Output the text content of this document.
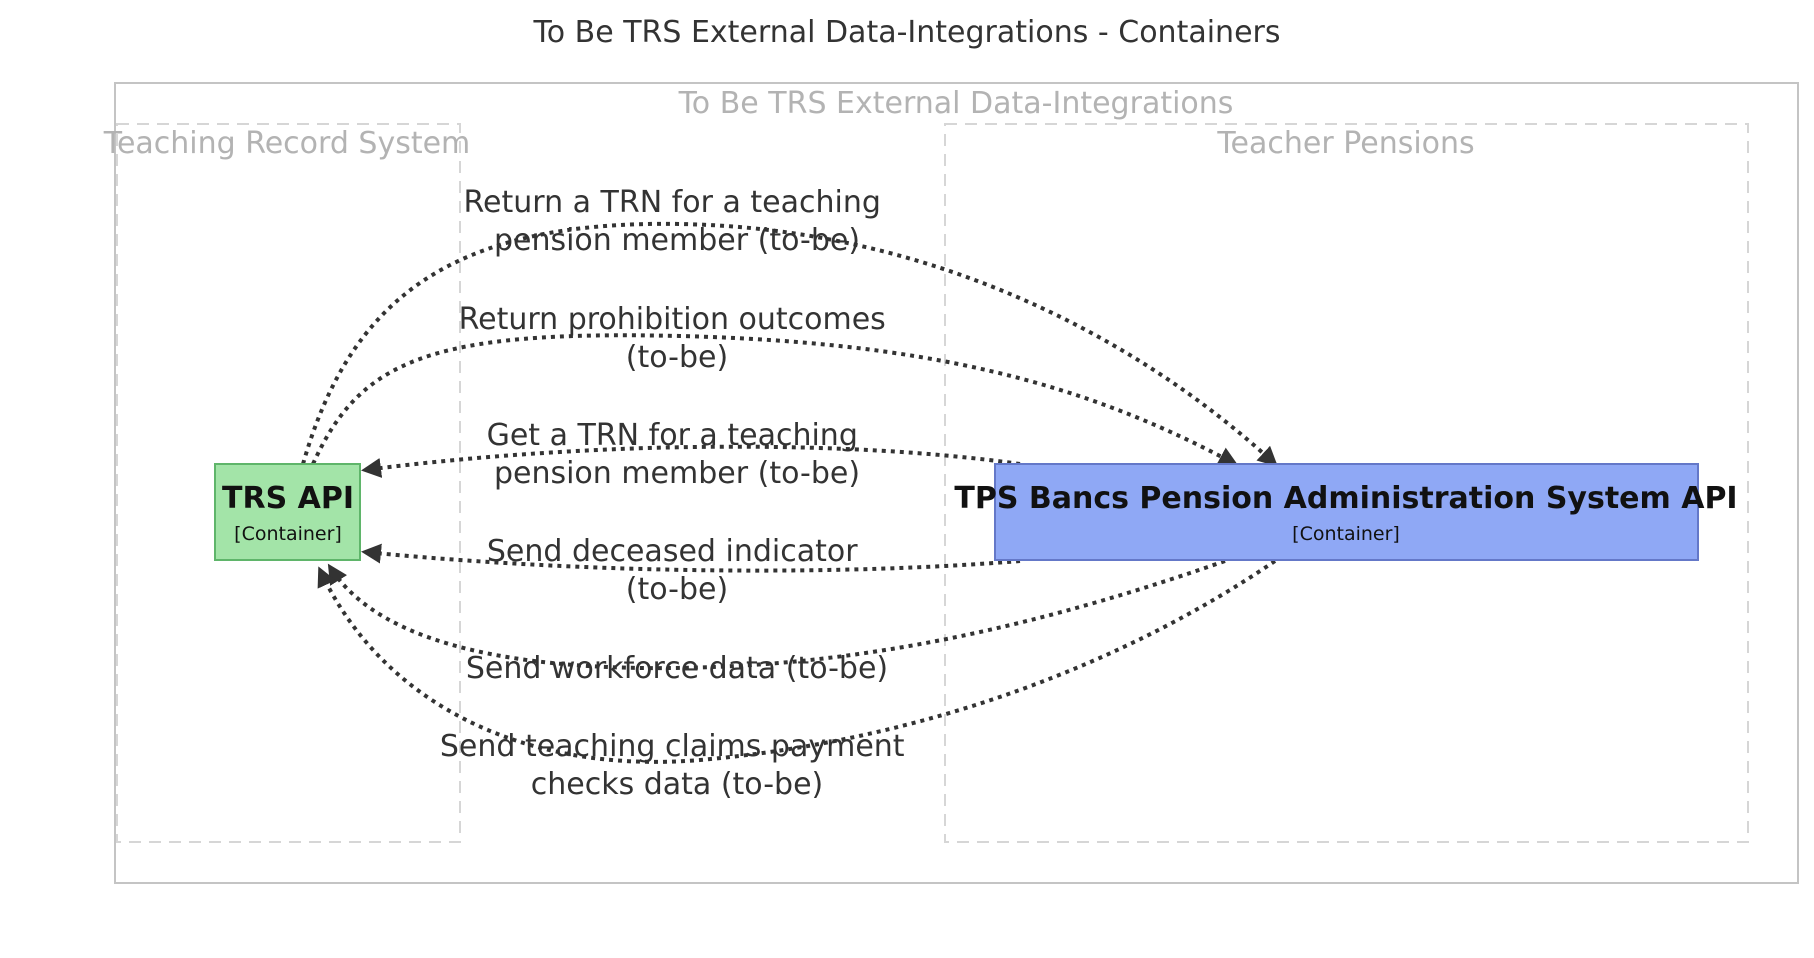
To Be TRS External Data-Integrations - Containers
To Be TRS External Data-Integrations
Teaching Record System	Teacher Pensions
Return a TRN for a teaching pension member (to-be)
Return prohibition outcomes (to-be)
Get a TRN for a teaching pension member (to-be)
Send deceased indicator (to-be)
Send workforce data (to-be)
Send teaching claims payment checks data (to-be)
TRS API
[Container]
TPS Bancs Pension Administration System API
[Container]
